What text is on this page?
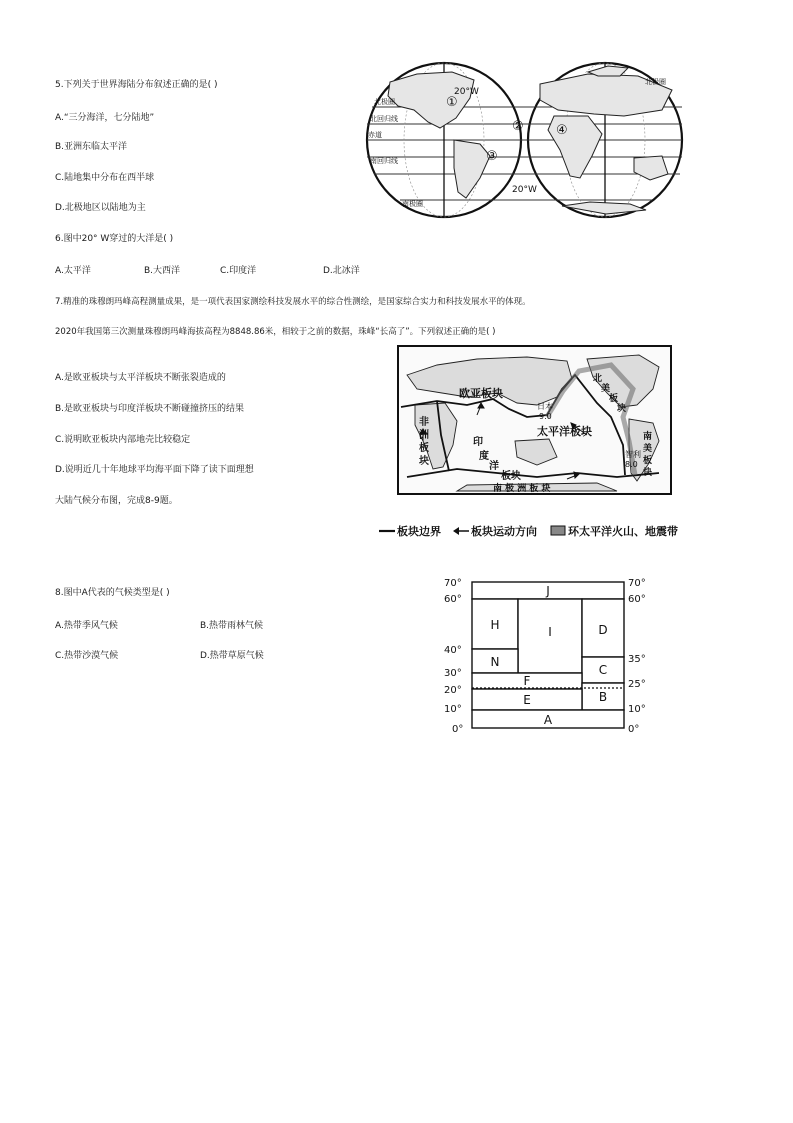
5.下列关于世界海陆分布叙述正确的是( )
A.“三分海洋，七分陆地”
B.亚洲东临太平洋
C.陆地集中分布在西半球
D.北极地区以陆地为主
20°W
20°W
北极圈
北回归线
赤道
南回归线
南极圈
北极圈
①
②
③
④
6.图中20° W穿过的大洋是( )
A.太平洋	B.大西洋	C.印度洋	D.北冰洋
7.精准的珠穆朗玛峰高程测量成果，是一项代表国家测绘科技发展水平的综合性测绘，是国家综合实力和科技发展水平的体现。
2020年我国第三次测量珠穆朗玛峰海拔高程为8848.86米，相较于之前的数据，珠峰“长高了”。下列叙述正确的是( )
A.是欧亚板块与太平洋板块不断张裂造成的
B.是欧亚板块与印度洋板块不断碰撞挤压的结果
C.说明欧亚板块内部地壳比较稳定
D.说明近几十年地球平均海平面下降了读下面理想
大陆气候分布图，完成8-9题。
欧亚板块
非
洲
板
块
印
度
洋
板 块
太平洋板块
北
美
板
块
南
美
板
块
南 极 洲 板 块
日本
9.0
智利
8.0
板块边界	板块运动方向	环太平洋火山、地震带
8.图中A代表的气候类型是( )
A.热带季风气候	B.热带雨林气候
C.热带沙漠气候	D.热带草原气候
70°
60°
40°
30°
20°
10°
0°
70°
60°
35°
25°
10°
0°
J
H	I	D
N
C
F
B
E
A
